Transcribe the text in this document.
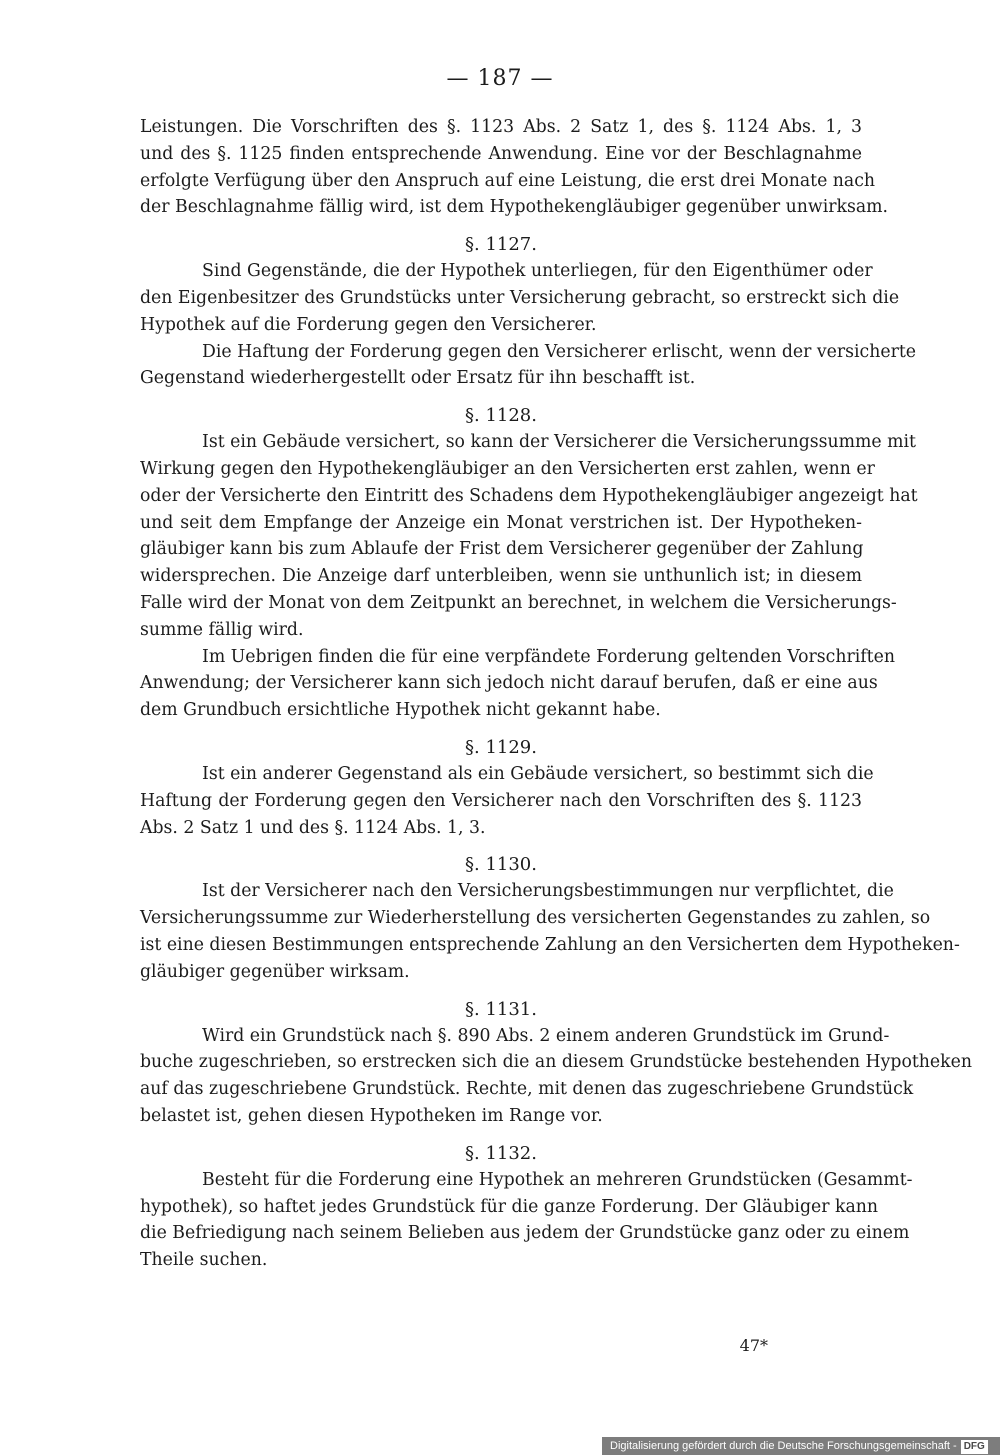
— 187 —
Leistungen. Die Vorschriften des §. 1123 Abs. 2 Satz 1, des §. 1124 Abs. 1, 3
und des §. 1125 finden entsprechende Anwendung. Eine vor der Beschlagnahme
erfolgte Verfügung über den Anspruch auf eine Leistung, die erst drei Monate nach
der Beschlagnahme fällig wird, ist dem Hypothekengläubiger gegenüber unwirksam.
§. 1127.
Sind Gegenstände, die der Hypothek unterliegen, für den Eigenthümer oder
den Eigenbesitzer des Grundstücks unter Versicherung gebracht, so erstreckt sich die
Hypothek auf die Forderung gegen den Versicherer.
Die Haftung der Forderung gegen den Versicherer erlischt, wenn der versicherte
Gegenstand wiederhergestellt oder Ersatz für ihn beschafft ist.
§. 1128.
Ist ein Gebäude versichert, so kann der Versicherer die Versicherungssumme mit
Wirkung gegen den Hypothekengläubiger an den Versicherten erst zahlen, wenn er
oder der Versicherte den Eintritt des Schadens dem Hypothekengläubiger angezeigt hat
und seit dem Empfange der Anzeige ein Monat verstrichen ist. Der Hypotheken-
gläubiger kann bis zum Ablaufe der Frist dem Versicherer gegenüber der Zahlung
widersprechen. Die Anzeige darf unterbleiben, wenn sie unthunlich ist; in diesem
Falle wird der Monat von dem Zeitpunkt an berechnet, in welchem die Versicherungs-
summe fällig wird.
Im Uebrigen finden die für eine verpfändete Forderung geltenden Vorschriften
Anwendung; der Versicherer kann sich jedoch nicht darauf berufen, daß er eine aus
dem Grundbuch ersichtliche Hypothek nicht gekannt habe.
§. 1129.
Ist ein anderer Gegenstand als ein Gebäude versichert, so bestimmt sich die
Haftung der Forderung gegen den Versicherer nach den Vorschriften des §. 1123
Abs. 2 Satz 1 und des §. 1124 Abs. 1, 3.
§. 1130.
Ist der Versicherer nach den Versicherungsbestimmungen nur verpflichtet, die
Versicherungssumme zur Wiederherstellung des versicherten Gegenstandes zu zahlen, so
ist eine diesen Bestimmungen entsprechende Zahlung an den Versicherten dem Hypotheken-
gläubiger gegenüber wirksam.
§. 1131.
Wird ein Grundstück nach §. 890 Abs. 2 einem anderen Grundstück im Grund-
buche zugeschrieben, so erstrecken sich die an diesem Grundstücke bestehenden Hypotheken
auf das zugeschriebene Grundstück. Rechte, mit denen das zugeschriebene Grundstück
belastet ist, gehen diesen Hypotheken im Range vor.
§. 1132.
Besteht für die Forderung eine Hypothek an mehreren Grundstücken (Gesammt-
hypothek), so haftet jedes Grundstück für die ganze Forderung. Der Gläubiger kann
die Befriedigung nach seinem Belieben aus jedem der Grundstücke ganz oder zu einem
Theile suchen.
47*
Digitalisierung gefördert durch die Deutsche Forschungsgemeinschaft - DFG
